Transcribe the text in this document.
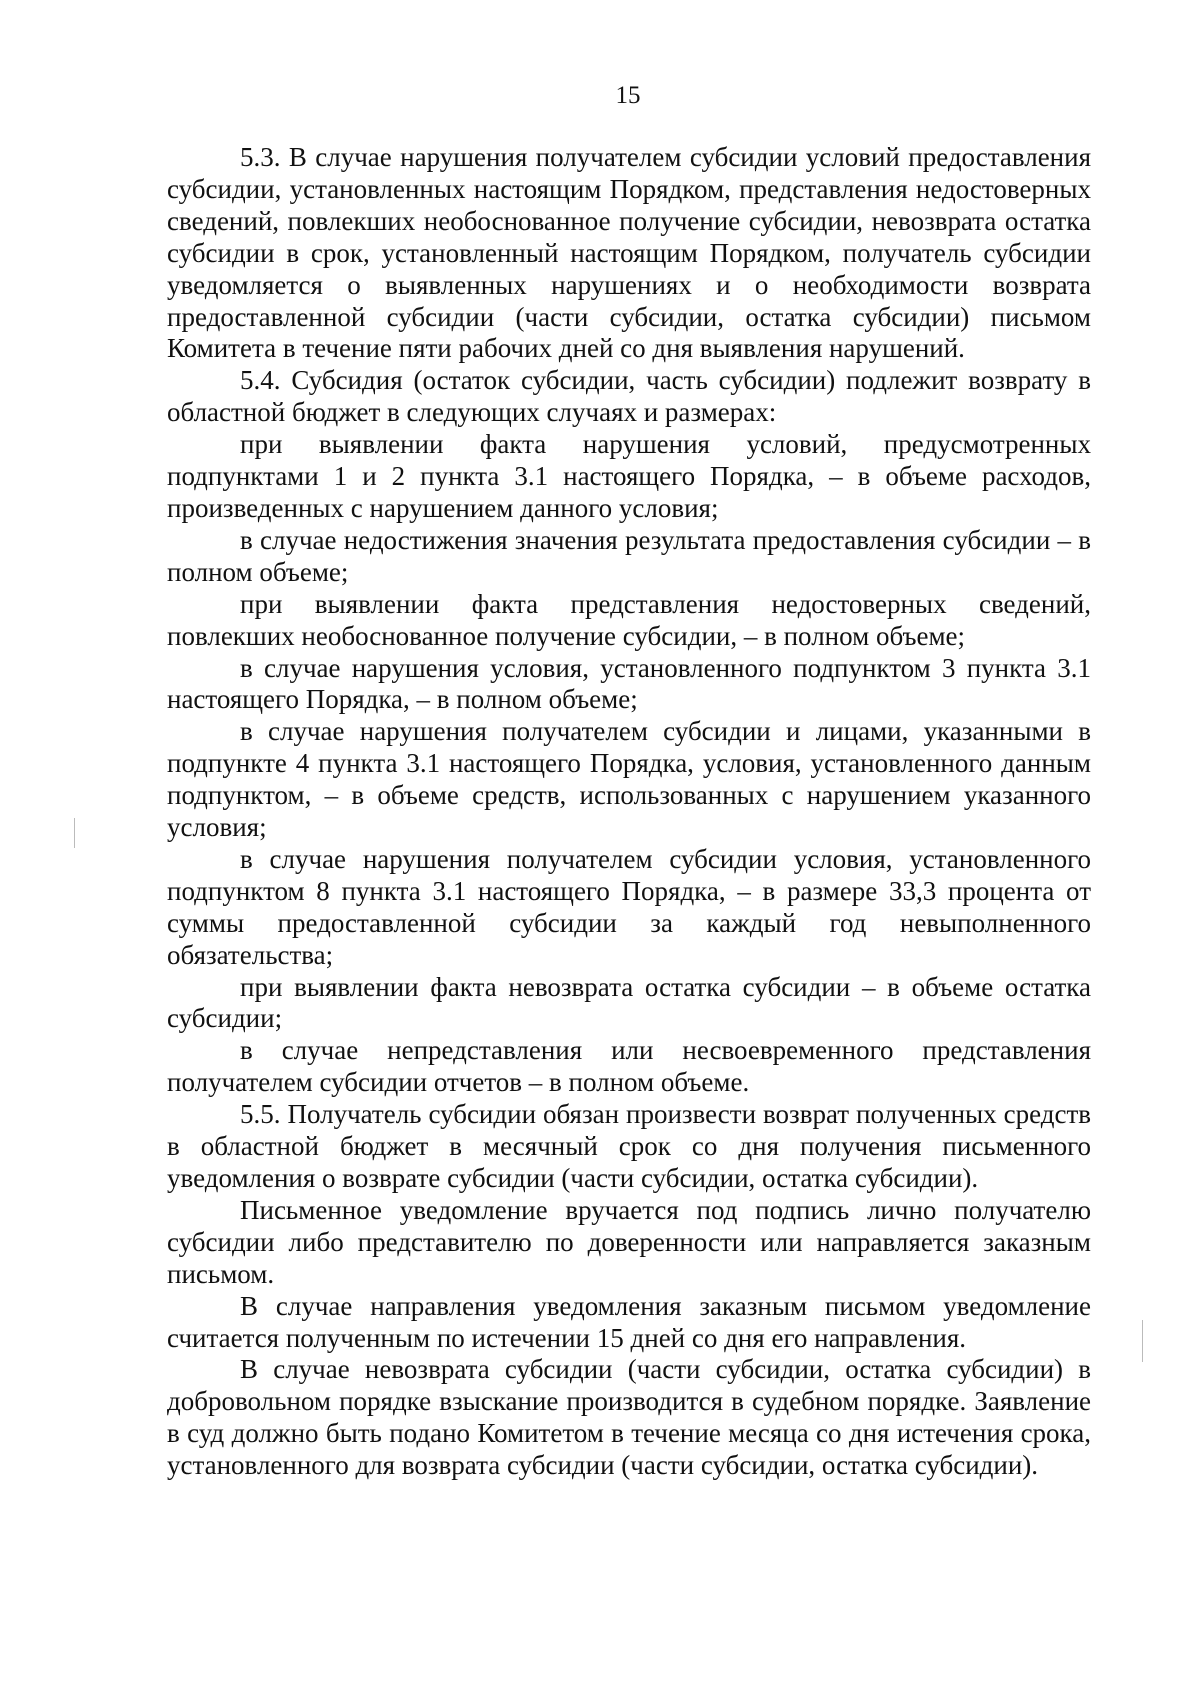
15

5.3. В случае нарушения получателем субсидии условий предоставления субсидии, установленных настоящим Порядком, представления недостоверных сведений, повлекших необоснованное получение субсидии, невозврата остатка субсидии в срок, установленный настоящим Порядком, получатель субсидии уведомляется о выявленных нарушениях и о необходимости возврата предоставленной субсидии (части субсидии, остатка субсидии) письмом Комитета в течение пяти рабочих дней со дня выявления нарушений.

5.4. Субсидия (остаток субсидии, часть субсидии) подлежит возврату в областной бюджет в следующих случаях и размерах:

при выявлении факта нарушения условий, предусмотренных подпунктами 1 и 2 пункта 3.1 настоящего Порядка, – в объеме расходов, произведенных с нарушением данного условия;

в случае недостижения значения результата предоставления субсидии – в полном объеме;

при выявлении факта представления недостоверных сведений, повлекших необоснованное получение субсидии, – в полном объеме;

в случае нарушения условия, установленного подпунктом 3 пункта 3.1 настоящего Порядка, – в полном объеме;

в случае нарушения получателем субсидии и лицами, указанными в подпункте 4 пункта 3.1 настоящего Порядка, условия, установленного данным подпунктом, – в объеме средств, использованных с нарушением указанного условия;

в случае нарушения получателем субсидии условия, установленного подпунктом 8 пункта 3.1 настоящего Порядка, – в размере 33,3 процента от суммы предоставленной субсидии за каждый год невыполненного обязательства;

при выявлении факта невозврата остатка субсидии – в объеме остатка субсидии;

в случае непредставления или несвоевременного представления получателем субсидии отчетов – в полном объеме.

5.5. Получатель субсидии обязан произвести возврат полученных средств в областной бюджет в месячный срок со дня получения письменного уведомления о возврате субсидии (части субсидии, остатка субсидии).

Письменное уведомление вручается под подпись лично получателю субсидии либо представителю по доверенности или направляется заказным письмом.

В случае направления уведомления заказным письмом уведомление считается полученным по истечении 15 дней со дня его направления.

В случае невозврата субсидии (части субсидии, остатка субсидии) в добровольном порядке взыскание производится в судебном порядке. Заявление в суд должно быть подано Комитетом в течение месяца со дня истечения срока, установленного для возврата субсидии (части субсидии, остатка субсидии).
